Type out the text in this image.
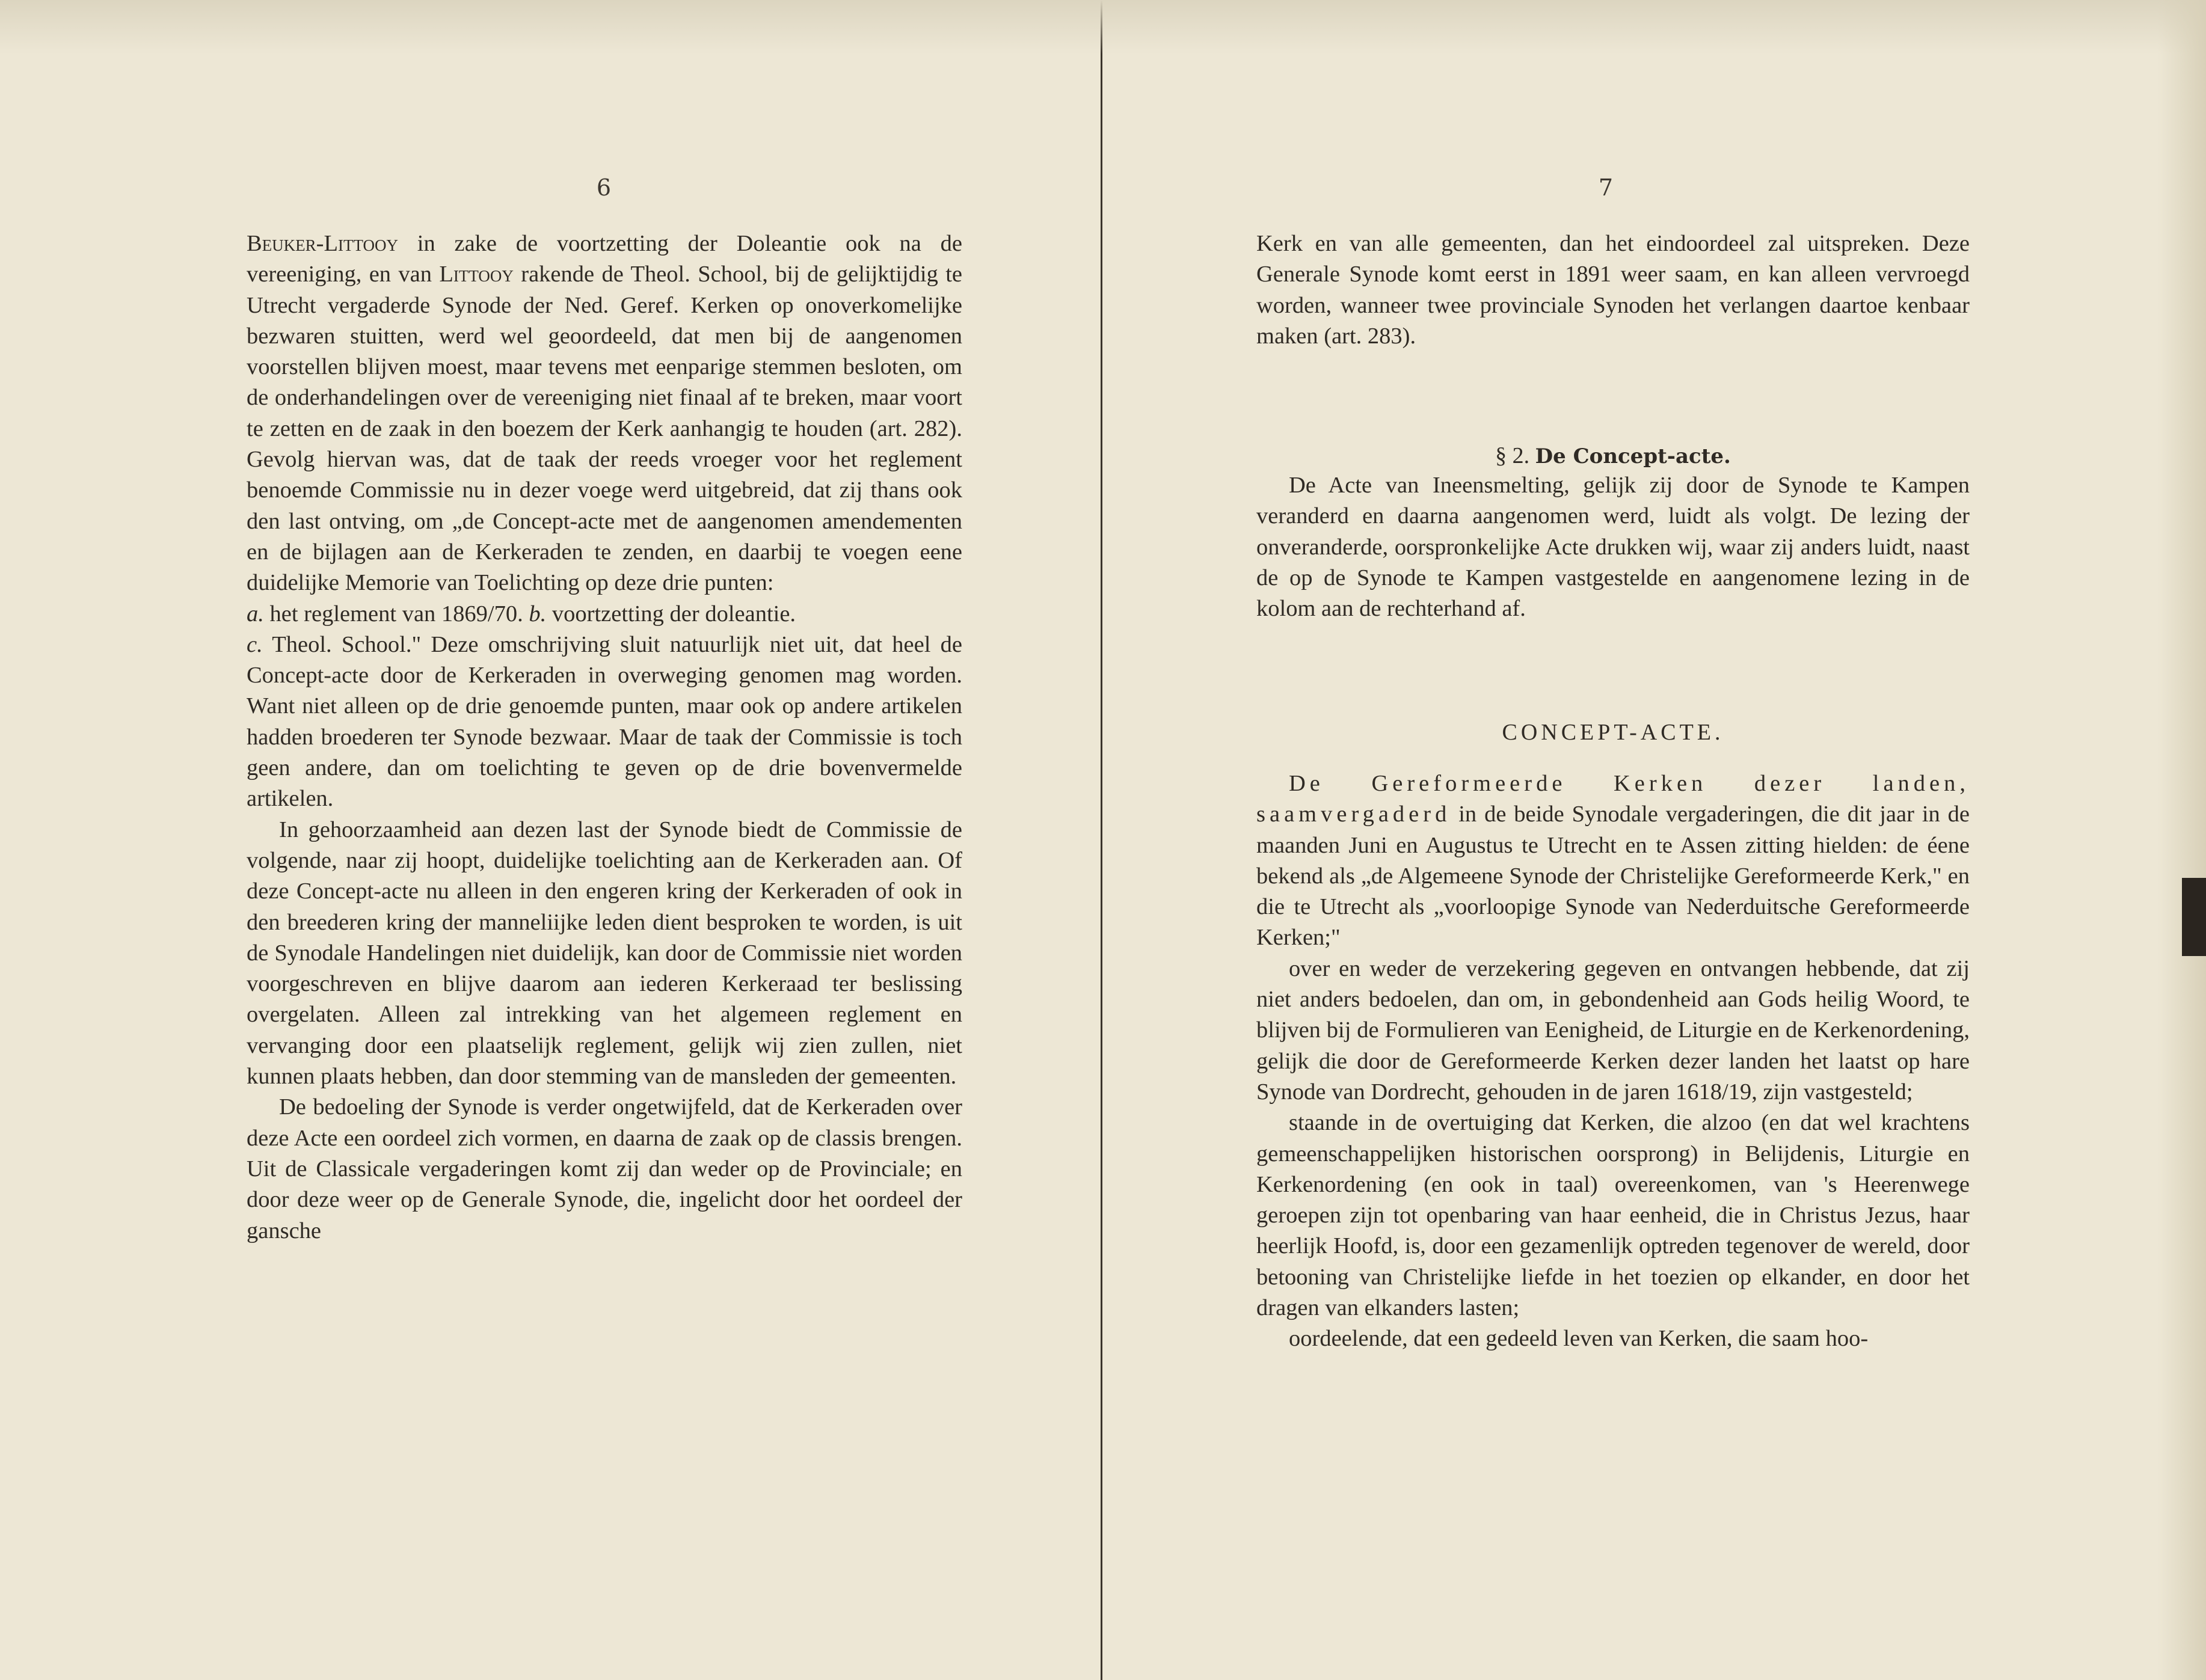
6

Beuker-Littooy in zake de voortzetting der Doleantie ook na de vereeniging, en van Littooy rakende de Theol. School, bij de gelijktijdig te Utrecht vergaderde Synode der Ned. Geref. Kerken op onoverkomelijke bezwaren stuitten, werd wel geoordeeld, dat men bij de aangenomen voorstellen blijven moest, maar tevens met eenparige stemmen besloten, om de onderhandelingen over de vereeniging niet finaal af te breken, maar voort te zetten en de zaak in den boezem der Kerk aanhangig te houden (art. 282). Gevolg hiervan was, dat de taak der reeds vroeger voor het reglement benoemde Commissie nu in dezer voege werd uitgebreid, dat zij thans ook den last ontving, om „de Concept-acte met de aangenomen amendementen en de bijlagen aan de Kerkeraden te zenden, en daarbij te voegen eene duidelijke Memorie van Toelichting op deze drie punten:

a. het reglement van 1869/70. b. voortzetting der doleantie.

c. Theol. School." Deze omschrijving sluit natuurlijk niet uit, dat heel de Concept-acte door de Kerkeraden in overweging genomen mag worden. Want niet alleen op de drie genoemde punten, maar ook op andere artikelen hadden broederen ter Synode bezwaar. Maar de taak der Commissie is toch geen andere, dan om toelichting te geven op de drie bovenvermelde artikelen.

In gehoorzaamheid aan dezen last der Synode biedt de Commissie de volgende, naar zij hoopt, duidelijke toelichting aan de Kerkeraden aan. Of deze Concept-acte nu alleen in den engeren kring der Kerkeraden of ook in den breederen kring der manneliijke leden dient besproken te worden, is uit de Synodale Handelingen niet duidelijk, kan door de Commissie niet worden voorgeschreven en blijve daarom aan iederen Kerkeraad ter beslissing overgelaten. Alleen zal intrekking van het algemeen reglement en vervanging door een plaatselijk reglement, gelijk wij zien zullen, niet kunnen plaats hebben, dan door stemming van de mansleden der gemeenten.

De bedoeling der Synode is verder ongetwijfeld, dat de Kerkeraden over deze Acte een oordeel zich vormen, en daarna de zaak op de classis brengen. Uit de Classicale vergaderingen komt zij dan weder op de Provinciale; en door deze weer op de Generale Synode, die, ingelicht door het oordeel der gansche

7

Kerk en van alle gemeenten, dan het eindoordeel zal uitspreken. Deze Generale Synode komt eerst in 1891 weer saam, en kan alleen vervroegd worden, wanneer twee provinciale Synoden het verlangen daartoe kenbaar maken (art. 283).

§ 2. De Concept-acte.

De Acte van Ineensmelting, gelijk zij door de Synode te Kampen veranderd en daarna aangenomen werd, luidt als volgt. De lezing der onveranderde, oorspronkelijke Acte drukken wij, waar zij anders luidt, naast de op de Synode te Kampen vastgestelde en aangenomene lezing in de kolom aan de rechterhand af.

CONCEPT-ACTE.

De Gereformeerde Kerken dezer landen, saamvergaderd in de beide Synodale vergaderingen, die dit jaar in de maanden Juni en Augustus te Utrecht en te Assen zitting hielden: de éene bekend als „de Algemeene Synode der Christelijke Gereformeerde Kerk," en die te Utrecht als „voorloopige Synode van Nederduitsche Gereformeerde Kerken;"

over en weder de verzekering gegeven en ontvangen hebbende, dat zij niet anders bedoelen, dan om, in gebondenheid aan Gods heilig Woord, te blijven bij de Formulieren van Eenigheid, de Liturgie en de Kerkenordening, gelijk die door de Gereformeerde Kerken dezer landen het laatst op hare Synode van Dordrecht, gehouden in de jaren 1618/19, zijn vastgesteld;

staande in de overtuiging dat Kerken, die alzoo (en dat wel krachtens gemeenschappelijken historischen oorsprong) in Belijdenis, Liturgie en Kerkenordening (en ook in taal) overeenkomen, van 's Heerenwege geroepen zijn tot openbaring van haar eenheid, die in Christus Jezus, haar heerlijk Hoofd, is, door een gezamenlijk optreden tegenover de wereld, door betooning van Christelijke liefde in het toezien op elkander, en door het dragen van elkanders lasten;

oordeelende, dat een gedeeld leven van Kerken, die saam hoo-
